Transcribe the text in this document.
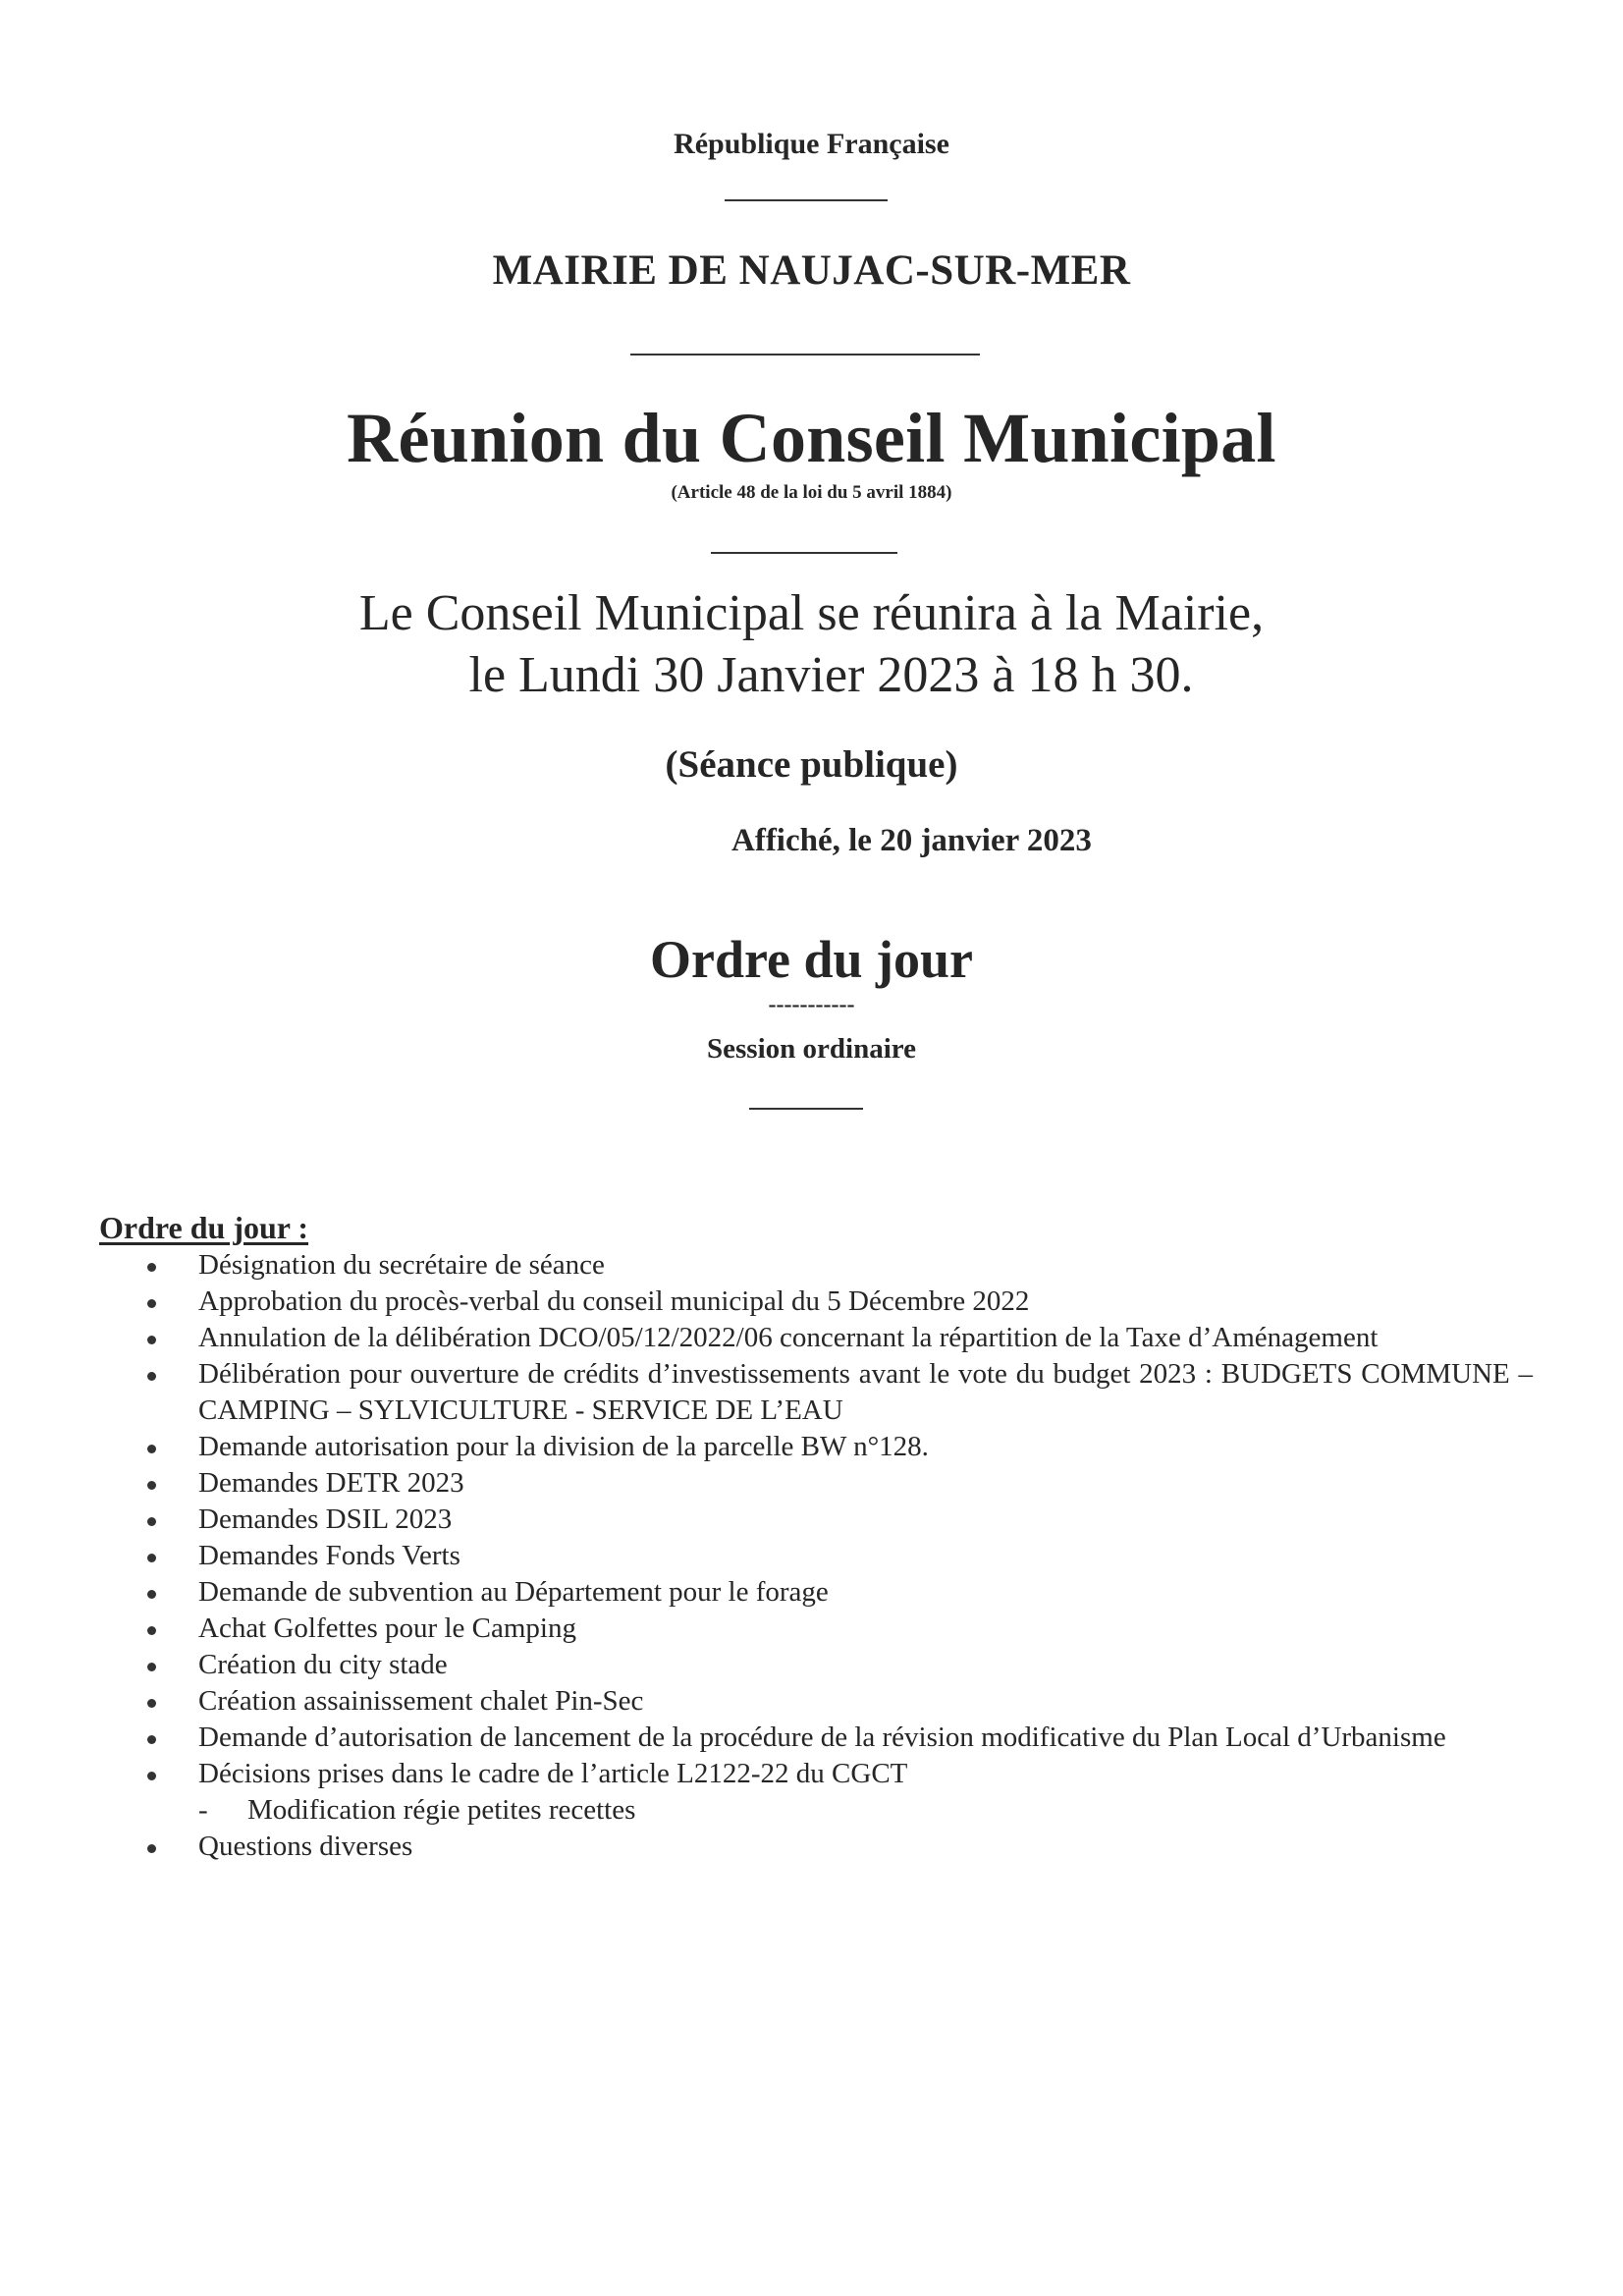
République Française

MAIRIE DE NAUJAC-SUR-MER

Réunion du Conseil Municipal

(Article 48 de la loi du 5 avril 1884)

Le Conseil Municipal se réunira à la Mairie,
le Lundi 30 Janvier 2023 à 18 h 30.

(Séance publique)

Affiché, le 20 janvier 2023

Ordre du jour

-----------

Session ordinaire

Ordre du jour :

Désignation du secrétaire de séance
Approbation du procès-verbal du conseil municipal du 5 Décembre 2022
Annulation de la délibération DCO/05/12/2022/06 concernant la répartition de la Taxe d’Aménagement
Délibération pour ouverture de crédits d’investissements avant le vote du budget 2023 : BUDGETS COMMUNE – CAMPING – SYLVICULTURE - SERVICE DE L’EAU
Demande autorisation pour la division de la parcelle BW n°128.
Demandes DETR 2023
Demandes DSIL 2023
Demandes Fonds Verts
Demande de subvention au Département pour le forage
Achat Golfettes pour le Camping
Création du city stade
Création assainissement chalet Pin-Sec
Demande d’autorisation de lancement de la procédure de la révision modificative du Plan Local d’Urbanisme
Décisions prises dans le cadre de l’article L2122-22 du CGCT
- Modification régie petites recettes
Questions diverses
